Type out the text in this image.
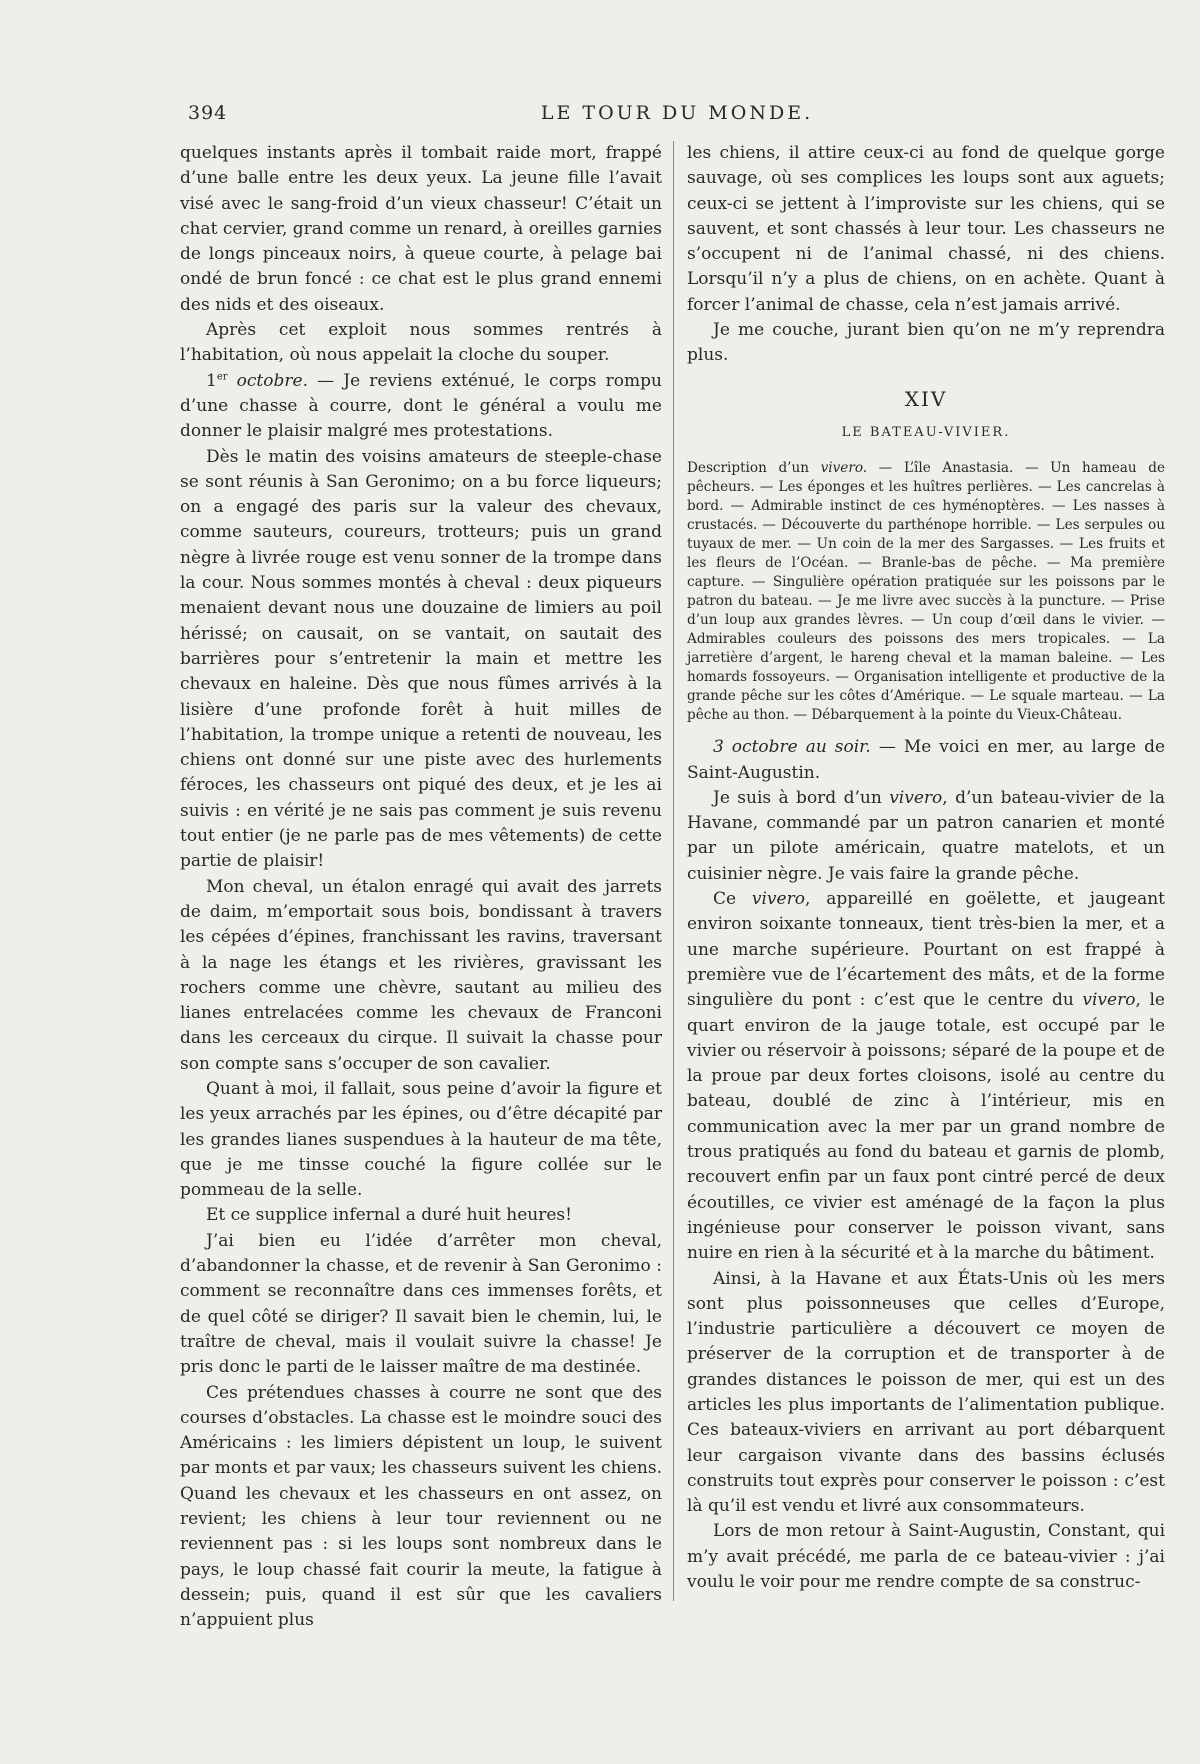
394	LE TOUR DU MONDE.

quelques instants après il tombait raide mort, frappé d’une balle entre les deux yeux. La jeune fille l’avait visé avec le sang-froid d’un vieux chasseur! C’était un chat cervier, grand comme un renard, à oreilles garnies de longs pinceaux noirs, à queue courte, à pelage bai ondé de brun foncé : ce chat est le plus grand ennemi des nids et des oiseaux.

Après cet exploit nous sommes rentrés à l’habitation, où nous appelait la cloche du souper.

1er octobre. — Je reviens exténué, le corps rompu d’une chasse à courre, dont le général a voulu me donner le plaisir malgré mes protestations.

Dès le matin des voisins amateurs de steeple-chase se sont réunis à San Geronimo; on a bu force liqueurs; on a engagé des paris sur la valeur des chevaux, comme sauteurs, coureurs, trotteurs; puis un grand nègre à livrée rouge est venu sonner de la trompe dans la cour. Nous sommes montés à cheval : deux piqueurs menaient devant nous une douzaine de limiers au poil hérissé; on causait, on se vantait, on sautait des barrières pour s’entretenir la main et mettre les chevaux en haleine. Dès que nous fûmes arrivés à la lisière d’une profonde forêt à huit milles de l’habitation, la trompe unique a retenti de nouveau, les chiens ont donné sur une piste avec des hurlements féroces, les chasseurs ont piqué des deux, et je les ai suivis : en vérité je ne sais pas comment je suis revenu tout entier (je ne parle pas de mes vêtements) de cette partie de plaisir!

Mon cheval, un étalon enragé qui avait des jarrets de daim, m’emportait sous bois, bondissant à travers les cépées d’épines, franchissant les ravins, traversant à la nage les étangs et les rivières, gravissant les rochers comme une chèvre, sautant au milieu des lianes entrelacées comme les chevaux de Franconi dans les cerceaux du cirque. Il suivait la chasse pour son compte sans s’occuper de son cavalier.

Quant à moi, il fallait, sous peine d’avoir la figure et les yeux arrachés par les épines, ou d’être décapité par les grandes lianes suspendues à la hauteur de ma tête, que je me tinsse couché la figure collée sur le pommeau de la selle.

Et ce supplice infernal a duré huit heures!

J’ai bien eu l’idée d’arrêter mon cheval, d’abandonner la chasse, et de revenir à San Geronimo : comment se reconnaître dans ces immenses forêts, et de quel côté se diriger? Il savait bien le chemin, lui, le traître de cheval, mais il voulait suivre la chasse! Je pris donc le parti de le laisser maître de ma destinée.

Ces prétendues chasses à courre ne sont que des courses d’obstacles. La chasse est le moindre souci des Américains : les limiers dépistent un loup, le suivent par monts et par vaux; les chasseurs suivent les chiens. Quand les chevaux et les chasseurs en ont assez, on revient; les chiens à leur tour reviennent ou ne reviennent pas : si les loups sont nombreux dans le pays, le loup chassé fait courir la meute, la fatigue à dessein; puis, quand il est sûr que les cavaliers n’appuient plus

les chiens, il attire ceux-ci au fond de quelque gorge sauvage, où ses complices les loups sont aux aguets; ceux-ci se jettent à l’improviste sur les chiens, qui se sauvent, et sont chassés à leur tour. Les chasseurs ne s’occupent ni de l’animal chassé, ni des chiens. Lorsqu’il n’y a plus de chiens, on en achète. Quant à forcer l’animal de chasse, cela n’est jamais arrivé.

Je me couche, jurant bien qu’on ne m’y reprendra plus.

XIV
LE BATEAU-VIVIER.
Description d’un vivero. — L’île Anastasia. — Un hameau de pêcheurs. — Les éponges et les huîtres perlières. — Les cancrelas à bord. — Admirable instinct de ces hyménoptères. — Les nasses à crustacés. — Découverte du parthénope horrible. — Les serpules ou tuyaux de mer. — Un coin de la mer des Sargasses. — Les fruits et les fleurs de l’Océan. — Branle-bas de pêche. — Ma première capture. — Singulière opération pratiquée sur les poissons par le patron du bateau. — Je me livre avec succès à la puncture. — Prise d’un loup aux grandes lèvres. — Un coup d’œil dans le vivier. — Admirables couleurs des poissons des mers tropicales. — La jarretière d’argent, le hareng cheval et la maman baleine. — Les homards fossoyeurs. — Organisation intelligente et productive de la grande pêche sur les côtes d’Amérique. — Le squale marteau. — La pêche au thon. — Débarquement à la pointe du Vieux-Château.

3 octobre au soir. — Me voici en mer, au large de Saint-Augustin.

Je suis à bord d’un vivero, d’un bateau-vivier de la Havane, commandé par un patron canarien et monté par un pilote américain, quatre matelots, et un cuisinier nègre. Je vais faire la grande pêche.

Ce vivero, appareillé en goëlette, et jaugeant environ soixante tonneaux, tient très-bien la mer, et a une marche supérieure. Pourtant on est frappé à première vue de l’écartement des mâts, et de la forme singulière du pont : c’est que le centre du vivero, le quart environ de la jauge totale, est occupé par le vivier ou réservoir à poissons; séparé de la poupe et de la proue par deux fortes cloisons, isolé au centre du bateau, doublé de zinc à l’intérieur, mis en communication avec la mer par un grand nombre de trous pratiqués au fond du bateau et garnis de plomb, recouvert enfin par un faux pont cintré percé de deux écoutilles, ce vivier est aménagé de la façon la plus ingénieuse pour conserver le poisson vivant, sans nuire en rien à la sécurité et à la marche du bâtiment.

Ainsi, à la Havane et aux États-Unis où les mers sont plus poissonneuses que celles d’Europe, l’industrie particulière a découvert ce moyen de préserver de la corruption et de transporter à de grandes distances le poisson de mer, qui est un des articles les plus importants de l’alimentation publique. Ces bateaux-viviers en arrivant au port débarquent leur cargaison vivante dans des bassins éclusés construits tout exprès pour conserver le poisson : c’est là qu’il est vendu et livré aux consommateurs.

Lors de mon retour à Saint-Augustin, Constant, qui m’y avait précédé, me parla de ce bateau-vivier : j’ai voulu le voir pour me rendre compte de sa construc-
